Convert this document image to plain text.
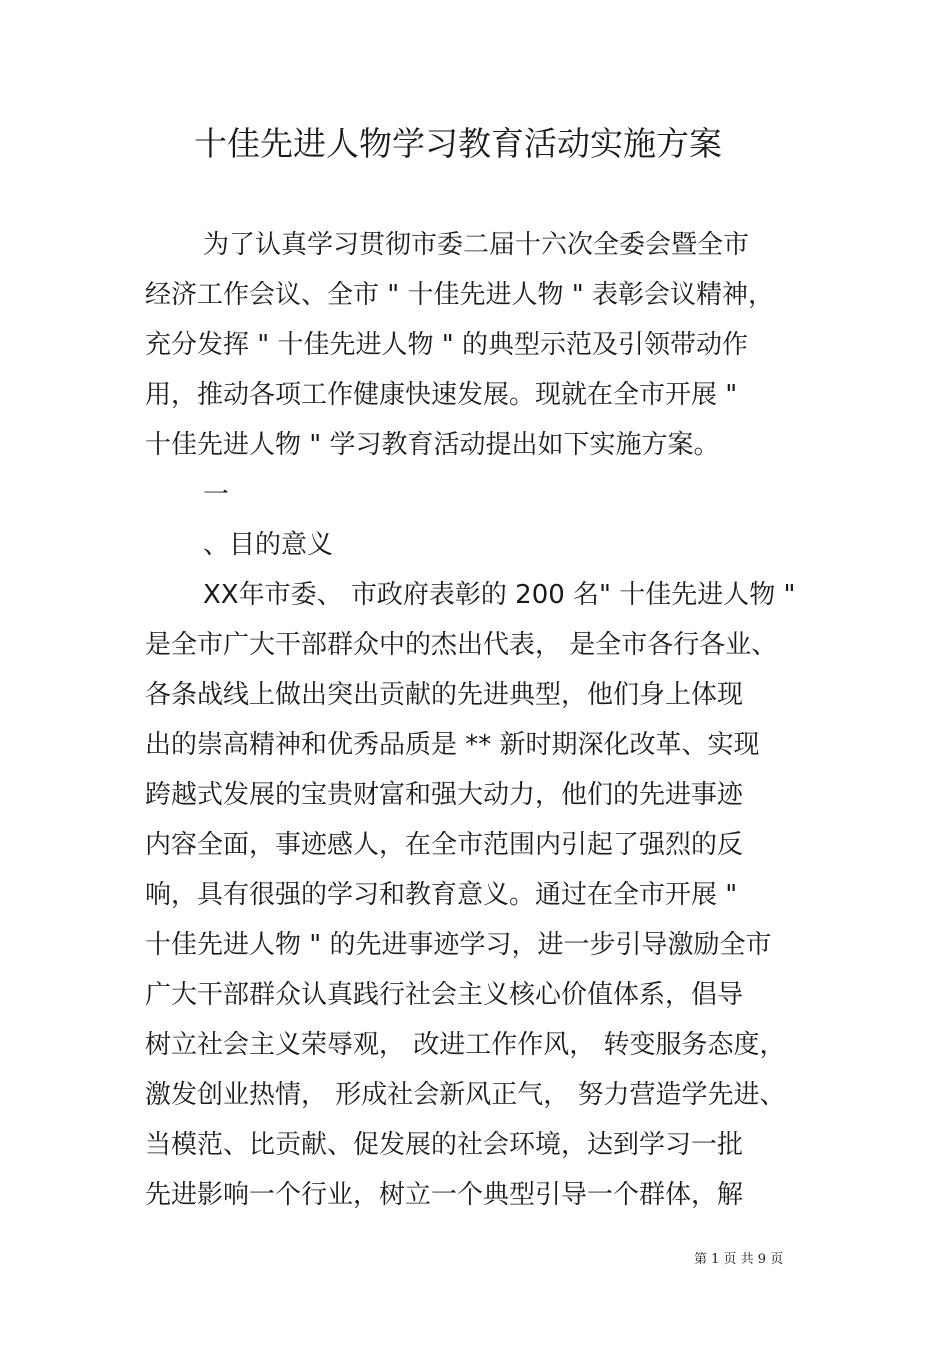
十佳先进人物学习教育活动实施方案
为了认真学习贯彻市委二届十六次全委会暨全市
经济工作会议、全市 " 十佳先进人物 " 表彰会议精神，
充分发挥 " 十佳先进人物 " 的典型示范及引领带动作
用，推动各项工作健康快速发展。现就在全市开展 "
十佳先进人物 " 学习教育活动提出如下实施方案。
一
、目的意义
XX年市委、 市政府表彰的 200 名" 十佳先进人物 "
是全市广大干部群众中的杰出代表， 是全市各行各业、
各条战线上做出突出贡献的先进典型，他们身上体现
出的崇高精神和优秀品质是 ** 新时期深化改革、实现
跨越式发展的宝贵财富和强大动力，他们的先进事迹
内容全面，事迹感人，在全市范围内引起了强烈的反
响，具有很强的学习和教育意义。通过在全市开展 "
十佳先进人物 " 的先进事迹学习，进一步引导激励全市
广大干部群众认真践行社会主义核心价值体系，倡导
树立社会主义荣辱观， 改进工作作风， 转变服务态度，
激发创业热情， 形成社会新风正气， 努力营造学先进、
当模范、比贡献、促发展的社会环境，达到学习一批
先进影响一个行业，树立一个典型引导一个群体，解
第 1 页 共 9 页
